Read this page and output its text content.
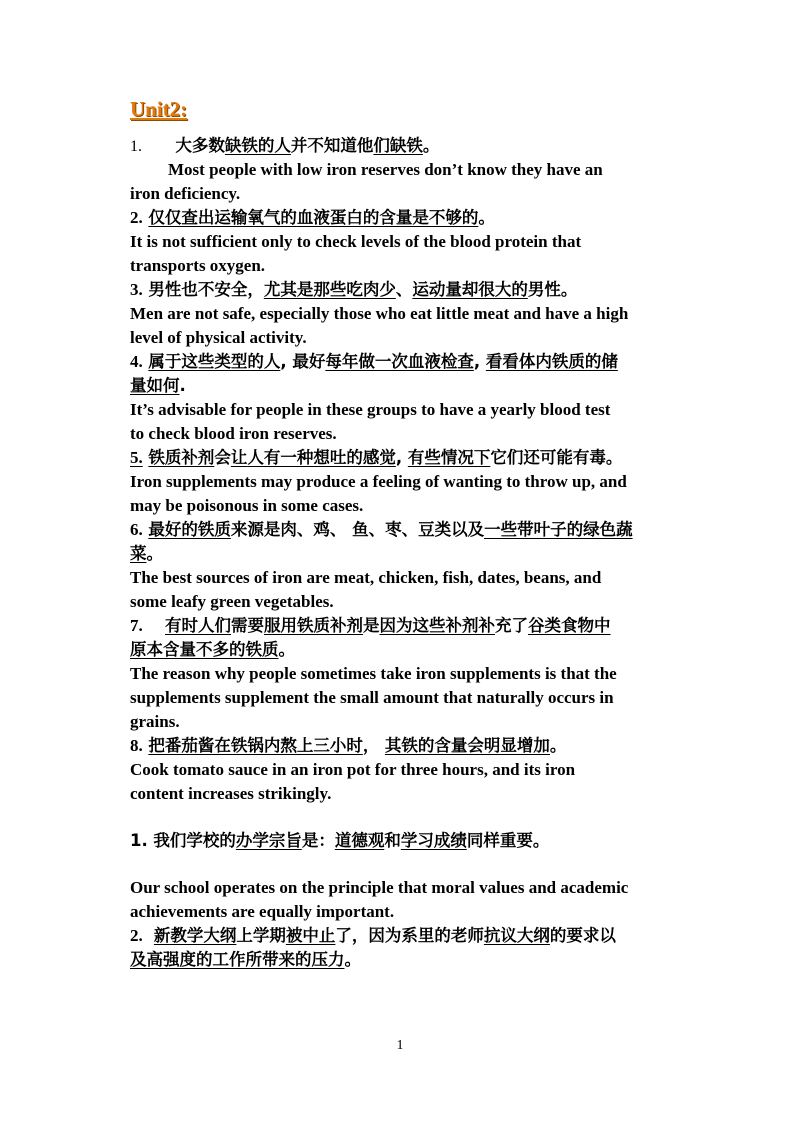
Unit2:
1. 大多数缺铁的人并不知道他们缺铁。
Most people with low iron reserves don’t know they have an
iron deficiency.
2. 仅仅查出运输氧气的血液蛋白的含量是不够的。
It is not sufficient only to check levels of the blood protein that
transports oxygen.
3. 男性也不安全，尤其是那些吃肉少、运动量却很大的男性。
Men are not safe, especially those who eat little meat and have a high
level of physical activity.
4. 属于这些类型的人, 最好每年做一次血液检查, 看看体内铁质的储
量如何.
It’s advisable for people in these groups to have a yearly blood test
to check blood iron reserves.
5. 铁质补剂会让人有一种想吐的感觉, 有些情况下它们还可能有毒。
Iron supplements may produce a feeling of wanting to throw up, and
may be poisonous in some cases.
6. 最好的铁质来源是肉、鸡、 鱼、枣、豆类以及一些带叶子的绿色蔬
菜。
The best sources of iron are meat, chicken, fish, dates, beans, and
some leafy green vegetables.
7. 有时人们需要服用铁质补剂是因为这些补剂补充了谷类食物中
原本含量不多的铁质。
The reason why people sometimes take iron supplements is that the
supplements supplement the small amount that naturally occurs in
grains.
8. 把番茄酱在铁锅内熬上三小时， 其铁的含量会明显增加。
Cook tomato sauce in an iron pot for three hours, and its iron
content increases strikingly.
1. 我们学校的办学宗旨是：道德观和学习成绩同样重要。
Our school operates on the principle that moral values and academic
achievements are equally important.
2. 新教学大纲上学期被中止了，因为系里的老师抗议大纲的要求以
及高强度的工作所带来的压力。
1
